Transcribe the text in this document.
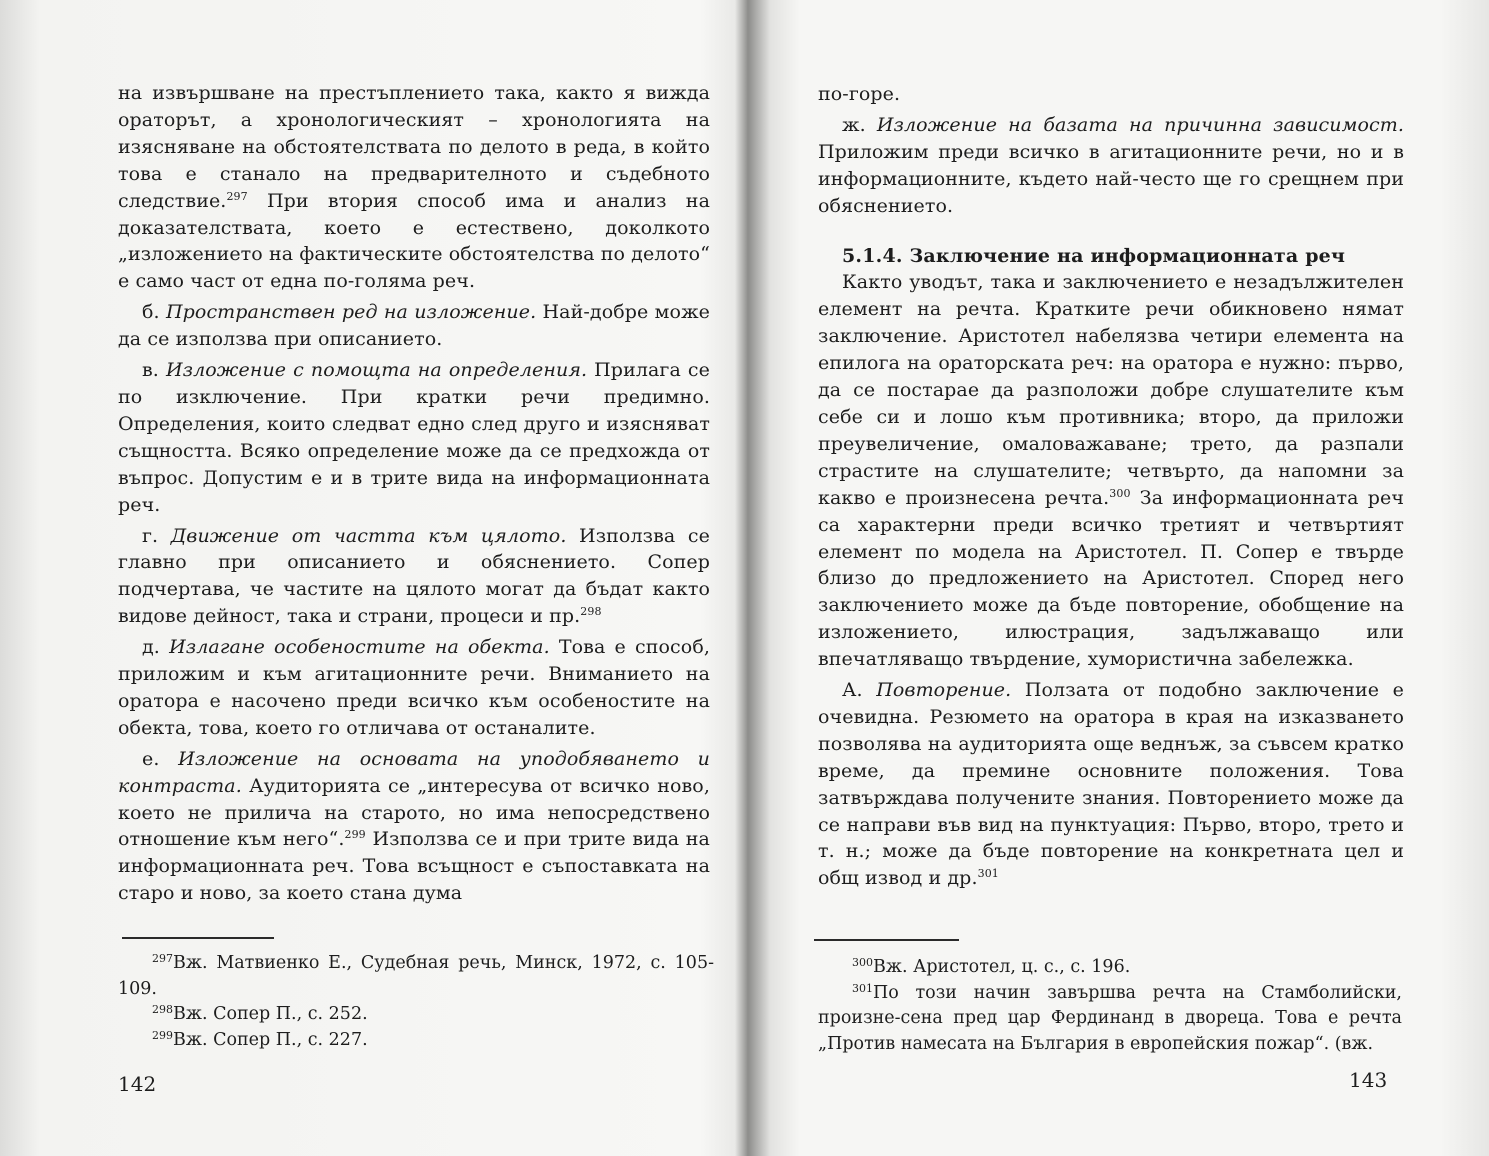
на извършване на престъплението така, както я вижда ораторът, а хронологическият – хронологията на изясняване на обстоятелствата по делото в реда, в който това е станало на предварителното и съдебното следствие.$^{297}$ При втория способ има и анализ на доказателствата, което е естествено, доколкото „изложението на фактическите обстоятелства по делото“ е само част от една по-голяма реч.

б. Пространствен ред на изложение. Най-добре може да се използва при описанието.

в. Изложение с помощта на определения. Прилага се по изключение. При кратки речи предимно. Определения, които следват едно след друго и изясняват същността. Всяко определение може да се предхожда от въпрос. Допустим е и в трите вида на информационната реч.

г. Движение от частта към цялото. Използва се главно при описанието и обяснението. Сопер подчертава, че частите на цялото могат да бъдат както видове дейност, така и страни, процеси и пр.$^{298}$

д. Излагане особеностите на обекта. Това е способ, приложим и към агитационните речи. Вниманието на оратора е насочено преди всичко към особеностите на обекта, това, което го отличава от останалите.

е. Изложение на основата на уподобяването и контраста. Аудиторията се „интересува от всичко ново, което не прилича на старото, но има непосредствено отношение към него“.$^{299}$ Използва се и при трите вида на информационната реч. Това всъщност е съпоставката на старо и ново, за което стана дума

$^{297}$Вж. Матвиенко Е., Судебная речь, Минск, 1972, с. 105-109.

$^{298}$Вж. Сопер П., с. 252.

$^{299}$Вж. Сопер П., с. 227.

142

по-горе.

ж. Изложение на базата на причинна зависимост. Приложим преди всичко в агитационните речи, но и в информационните, където най-често ще го срещнем при обяснението.

5.1.4. Заключение на информационната реч

Както уводът, така и заключението е незадължителен елемент на речта. Кратките речи обикновено нямат заключение. Аристотел набелязва четири елемента на епилога на ораторската реч: на оратора е нужно: първо, да се постарае да разположи добре слушателите към себе си и лошо към противника; второ, да приложи преувеличение, омаловажаване; трето, да разпали страстите на слушателите; четвърто, да напомни за какво е произнесена речта.$^{300}$ За информационната реч са характерни преди всичко третият и четвъртият елемент по модела на Аристотел. П. Сопер е твърде близо до предложението на Аристотел. Според него заключението може да бъде повторение, обобщение на изложението, илюстрация, задължаващо или впечатляващо твърдение, хумористична забележка.

А. Повторение. Ползата от подобно заключение е очевидна. Резюмето на оратора в края на изказването позволява на аудиторията още веднъж, за съвсем кратко време, да премине основните положения. Това затвърждава получените знания. Повторението може да се направи във вид на пунктуация: Първо, второ, трето и т. н.; може да бъде повторение на конкретната цел и общ извод и др.$^{301}$

$^{300}$Вж. Аристотел, ц. с., с. 196.

$^{301}$По този начин завършва речта на Стамболийски, произне-сена пред цар Фердинанд в двореца. Това е речта „Против намесата на България в европейския пожар“. (вж.

143
